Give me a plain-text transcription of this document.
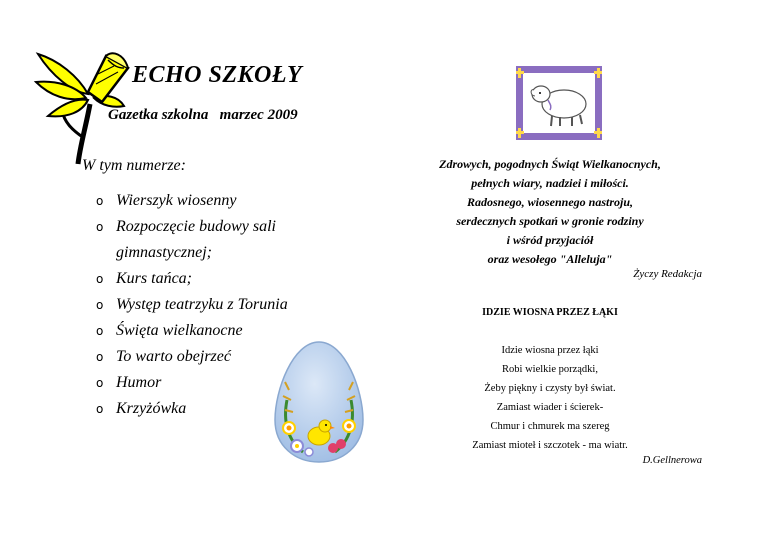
ECHO SZKOŁY
Gazetka szkolna   marzec 2009
W tym numerze:
o Wierszyk wiosenny
o Rozpoczęcie budowy sali
gimnastycznej;
o Kurs tańca;
o Występ teatrzyku z Torunia
o Święta wielkanocne
o To warto obejrzeć
o Humor
o Krzyżówka
Zdrowych, pogodnych Świąt Wielkanocnych,
pełnych wiary, nadziei i miłości.
Radosnego, wiosennego nastroju,
serdecznych spotkań w gronie rodziny
i wśród przyjaciół
oraz wesołego "Alleluja"
Życzy Redakcja
IDZIE WIOSNA PRZEZ ŁĄKI
Idzie wiosna przez łąki
Robi wielkie porządki,
Żeby piękny i czysty był świat.
Zamiast wiader i ścierek-
Chmur i chmurek ma szereg
Zamiast mioteł i szczotek - ma wiatr.
D.Gellnerowa
